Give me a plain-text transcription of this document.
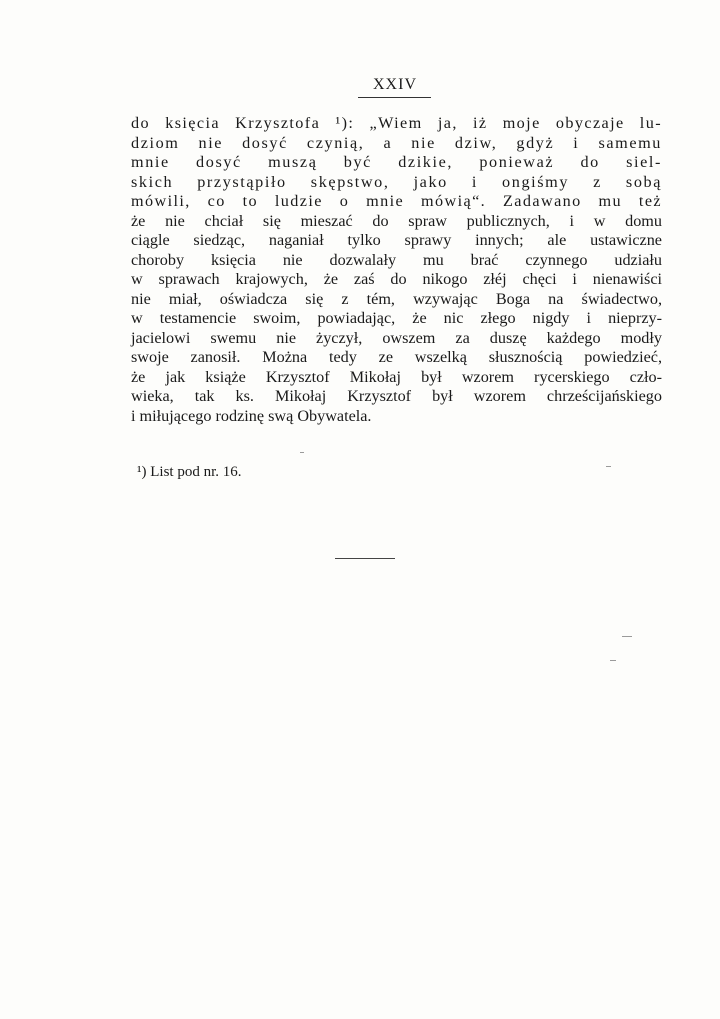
XXIV
do księcia Krzysztofa ¹): „Wiem ja, iż moje obyczaje lu-
dziom nie dosyć czynią, a nie dziw, gdyż i samemu
mnie dosyć muszą być dzikie, ponieważ do siel-
skich przystąpiło skępstwo, jako i ongiśmy z sobą
mówili, co to ludzie o mnie mówią“. Zadawano mu też
że nie chciał się mieszać do spraw publicznych, i w domu
ciągle siedząc, naganiał tylko sprawy innych; ale ustawiczne
choroby księcia nie dozwalały mu brać czynnego udziału
w sprawach krajowych, że zaś do nikogo złéj chęci i nienawiści
nie miał, oświadcza się z tém, wzywając Boga na świadectwo,
w testamencie swoim, powiadając, że nic złego nigdy i nieprzy-
jacielowi swemu nie życzył, owszem za duszę każdego modły
swoje zanosił. Można tedy ze wszelką słusznością powiedzieć,
że jak książe Krzysztof Mikołaj był wzorem rycerskiego czło-
wieka, tak ks. Mikołaj Krzysztof był wzorem chrześcijańskiego
i miłującego rodzinę swą Obywatela.
¹) List pod nr. 16.
